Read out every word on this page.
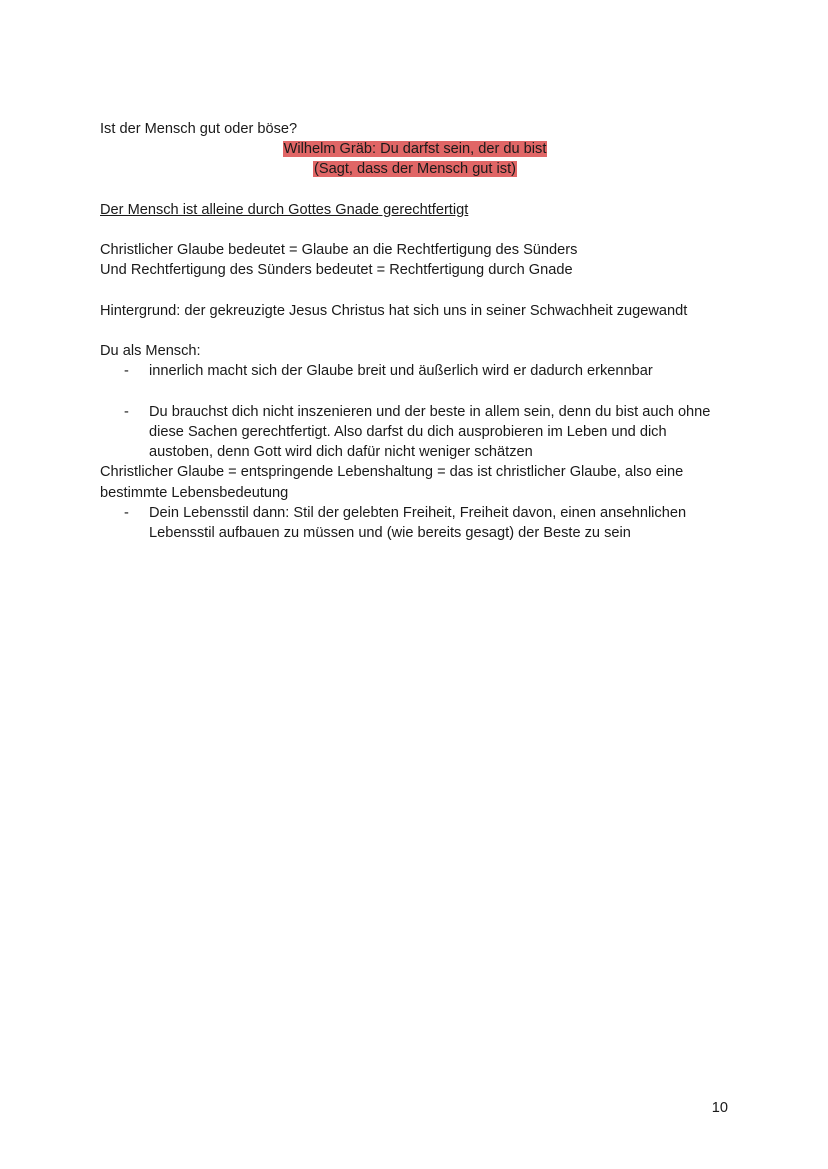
Ist der Mensch gut oder böse?

Wilhelm Gräb: Du darfst sein, der du bist

(Sagt, dass der Mensch gut ist)

Der Mensch ist alleine durch Gottes Gnade gerechtfertigt

Christlicher Glaube bedeutet = Glaube an die Rechtfertigung des Sünders

Und Rechtfertigung des Sünders bedeutet = Rechtfertigung durch Gnade

Hintergrund: der gekreuzigte Jesus Christus hat sich uns in seiner Schwachheit zugewandt

Du als Mensch:

- innerlich macht sich der Glaube breit und äußerlich wird er dadurch erkennbar
- Du brauchst dich nicht inszenieren und der beste in allem sein, denn du bist auch ohne diese Sachen gerechtfertigt. Also darfst du dich ausprobieren im Leben und dich austoben, denn Gott wird dich dafür nicht weniger schätzen

Christlicher Glaube = entspringende Lebenshaltung = das ist christlicher Glaube, also eine bestimmte Lebensbedeutung

- Dein Lebensstil dann: Stil der gelebten Freiheit, Freiheit davon, einen ansehnlichen Lebensstil aufbauen zu müssen und (wie bereits gesagt) der Beste zu sein
10
